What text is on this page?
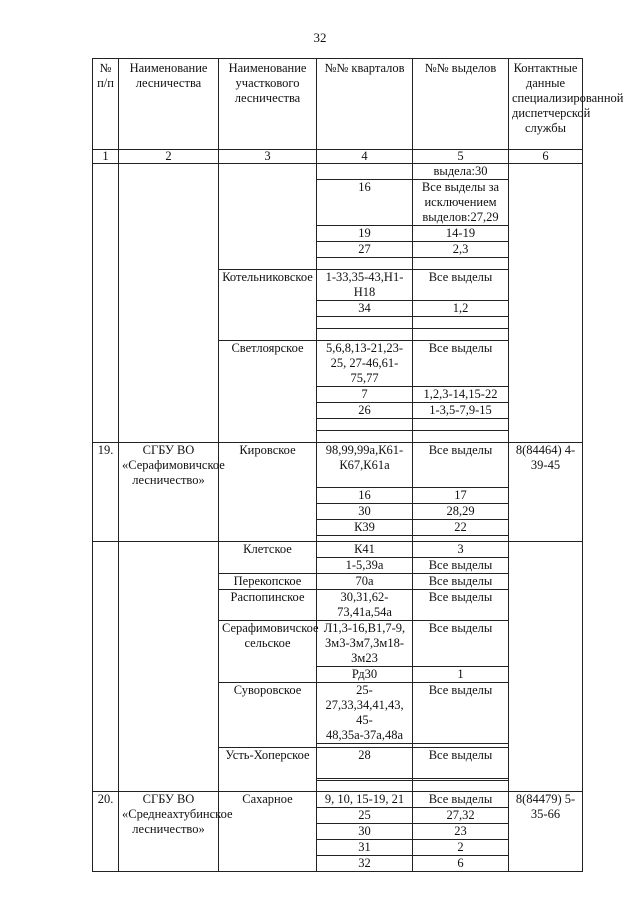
32
№ п/п	Наименование лесничества	Наименование участкового лесничества	№№ кварталов	№№ выделов	Контактные данные специализированной диспетчерской службы
1	2	3	4	5	6
				выдела:30	
			16	Все выделы за исключением выделов:27,29	
			19	14-19	
			27	2,3	

		Котельниковское	1-33,35-43,Н1-Н18	Все выделы	
			34	1,2	

		Светлоярское	5,6,8,13-21,23-25, 27-46,61-75,77	Все выделы	
			7	1,2,3-14,15-22	
			26	1-3,5-7,9-15	

19.	СГБУ ВО «Серафимовичское лесничество»	Кировское	98,99,99а,К61-К67,К61а	Все выделы	8(84464) 4-39-45
			16	17	
			30	28,29	
			К39	22	

		Клетское	К41	3	
			1-5,39а	Все выделы	
		Перекопское	70а	Все выделы	
		Распопинское	30,31,62-73,41а,54а	Все выделы	
		Серафимовичское сельское	Л1,3-16,В1,7-9, Зм3-Зм7,Зм18-Зм23	Все выделы	
			Рд30	1	
		Суворовское	25-27,33,34,41,43, 45-48,35а-37а,48а	Все выделы	

		Усть-Хоперское	28	Все выделы	

20.	СГБУ ВО «Среднеахтубинское лесничество»	Сахарное	9, 10, 15-19, 21	Все выделы	8(84479) 5-35-66
			25	27,32	
			30	23	
			31	2	
			32	6	
